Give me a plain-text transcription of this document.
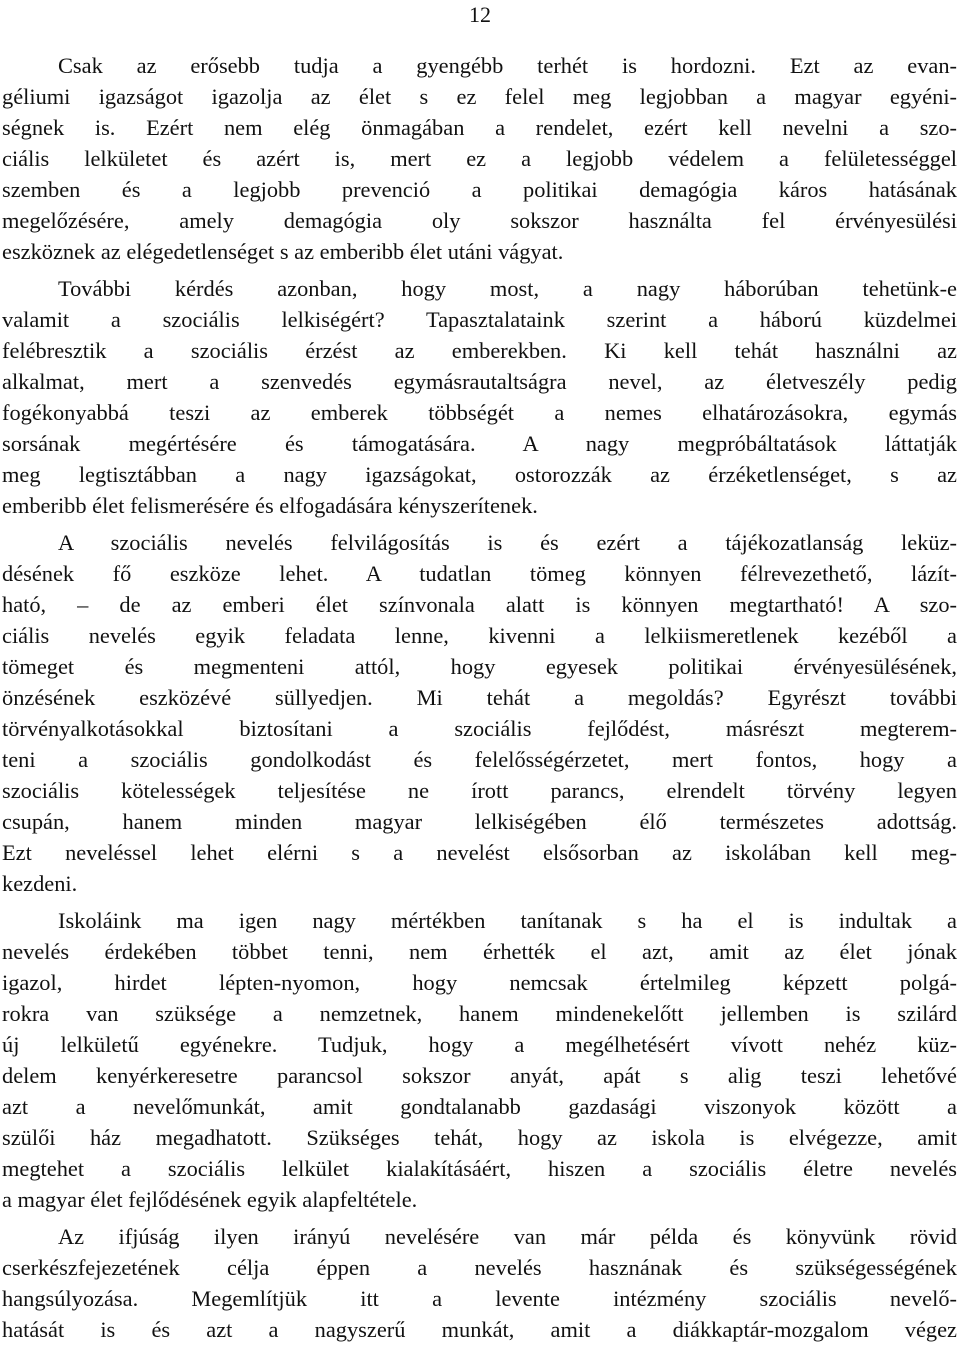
12

Csak az erősebb tudja a gyengébb terhét is hordozni. Ezt az evan-
géliumi igazságot igazolja az élet s ez felel meg legjobban a magyar egyéni-
ségnek is. Ezért nem elég önmagában a rendelet, ezért kell nevelni a szo-
ciális lelkületet és azért is, mert ez a legjobb védelem a felületességgel
szemben és a legjobb prevenció a politikai demagógia káros hatásának
megelőzésére, amely demagógia oly sokszor használta fel érvényesülési
eszköznek az elégedetlenséget s az emberibb élet utáni vágyat.

További kérdés azonban, hogy most, a nagy háborúban tehetünk-e
valamit a szociális lelkiségért? Tapasztalataink szerint a háború küzdelmei
felébresztik a szociális érzést az emberekben. Ki kell tehát használni az
alkalmat, mert a szenvedés egymásrautaltságra nevel, az életveszély pedig
fogékonyabbá teszi az emberek többségét a nemes elhatározásokra, egymás
sorsának megértésére és támogatására. A nagy megpróbáltatások láttatják
meg legtisztábban a nagy igazságokat, ostorozzák az érzéketlenséget, s az
emberibb élet felismerésére és elfogadására kényszerítenek.

A szociális nevelés felvilágosítás is és ezért a tájékozatlanság leküz-
désének fő eszköze lehet. A tudatlan tömeg könnyen félrevezethető, lázít-
ható, – de az emberi élet színvonala alatt is könnyen megtartható! A szo-
ciális nevelés egyik feladata lenne, kivenni a lelkiismeretlenek kezéből a
tömeget és megmenteni attól, hogy egyesek politikai érvényesülésének,
önzésének eszközévé süllyedjen. Mi tehát a megoldás? Egyrészt további
törvényalkotásokkal biztosítani a szociális fejlődést, másrészt megterem-
teni a szociális gondolkodást és felelősségérzetet, mert fontos, hogy a
szociális kötelességek teljesítése ne írott parancs, elrendelt törvény legyen
csupán, hanem minden magyar lelkiségében élő természetes adottság.
Ezt neveléssel lehet elérni s a nevelést elsősorban az iskolában kell meg-
kezdeni.

Iskoláink ma igen nagy mértékben tanítanak s ha el is indultak a
nevelés érdekében többet tenni, nem érhették el azt, amit az élet jónak
igazol, hirdet lépten-nyomon, hogy nemcsak értelmileg képzett polgá-
rokra van szüksége a nemzetnek, hanem mindenekelőtt jellemben is szilárd
új lelkületű egyénekre. Tudjuk, hogy a megélhetésért vívott nehéz küz-
delem kenyérkeresetre parancsol sokszor anyát, apát s alig teszi lehetővé
azt a nevelőmunkát, amit gondtalanabb gazdasági viszonyok között a
szülői ház megadhatott. Szükséges tehát, hogy az iskola is elvégezze, amit
megtehet a szociális lelkület kialakításáért, hiszen a szociális életre nevelés
a magyar élet fejlődésének egyik alapfeltétele.

Az ifjúság ilyen irányú nevelésére van már példa és könyvünk rövid
cserkészfejezetének célja éppen a nevelés hasznának és szükségességének
hangsúlyozása. Megemlítjük itt a levente intézmény szociális nevelő-
hatását is és azt a nagyszerű munkát, amit a diákkaptár-mozgalom végez
